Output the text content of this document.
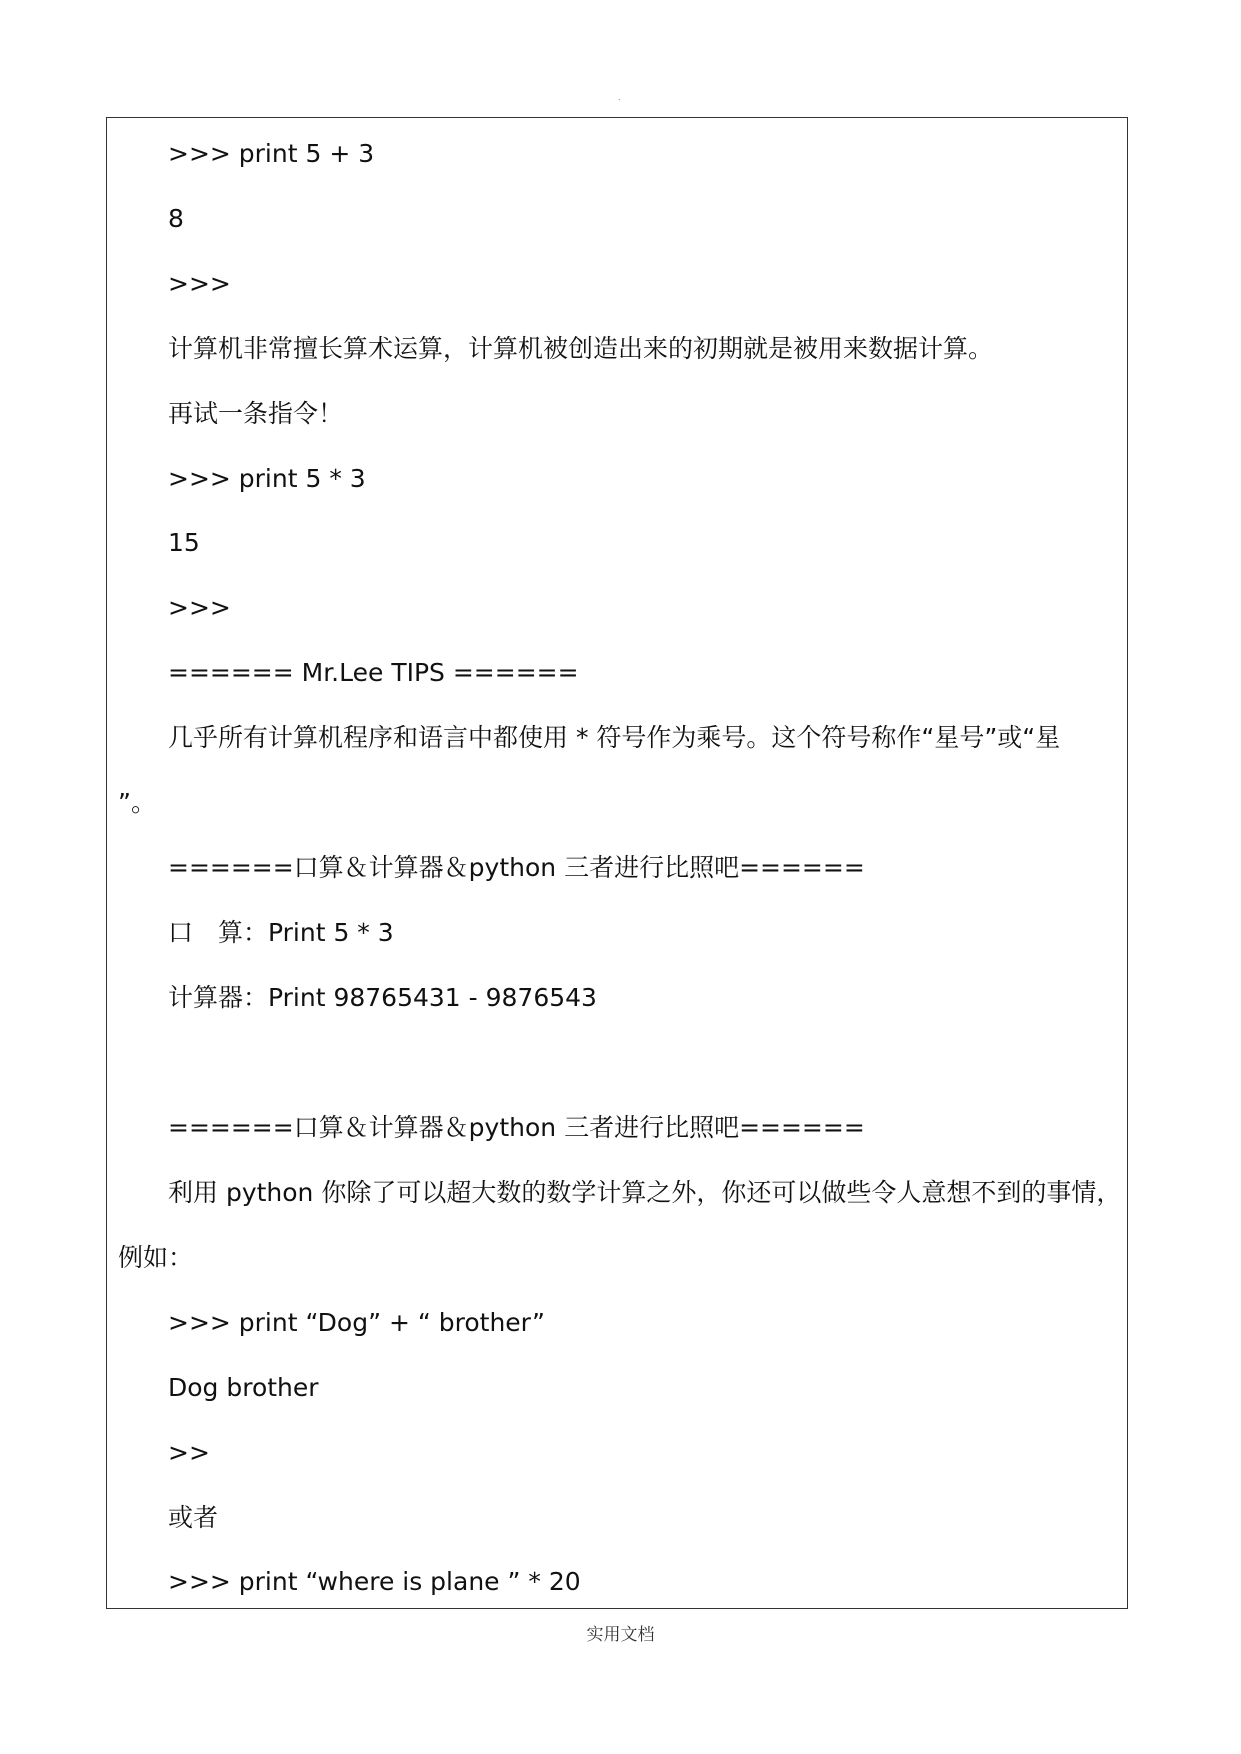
.
>>> print 5 + 3
8
>>>
计算机非常擅长算术运算，计算机被创造出来的初期就是被用来数据计算。
再试一条指令！
>>> print 5 * 3
15
>>>
====== Mr.Lee TIPS ======
几乎所有计算机程序和语言中都使用 * 符号作为乘号。这个符号称作“星号”或“星
”。
======口算＆计算器＆python 三者进行比照吧======
口　算：Print 5 * 3
计算器：Print 98765431 - 9876543
======口算＆计算器＆python 三者进行比照吧======
利用 python 你除了可以超大数的数学计算之外，你还可以做些令人意想不到的事情，
例如：
>>> print “Dog” + “ brother”
Dog brother
>>
或者
>>> print “where is plane ” * 20
实用文档
